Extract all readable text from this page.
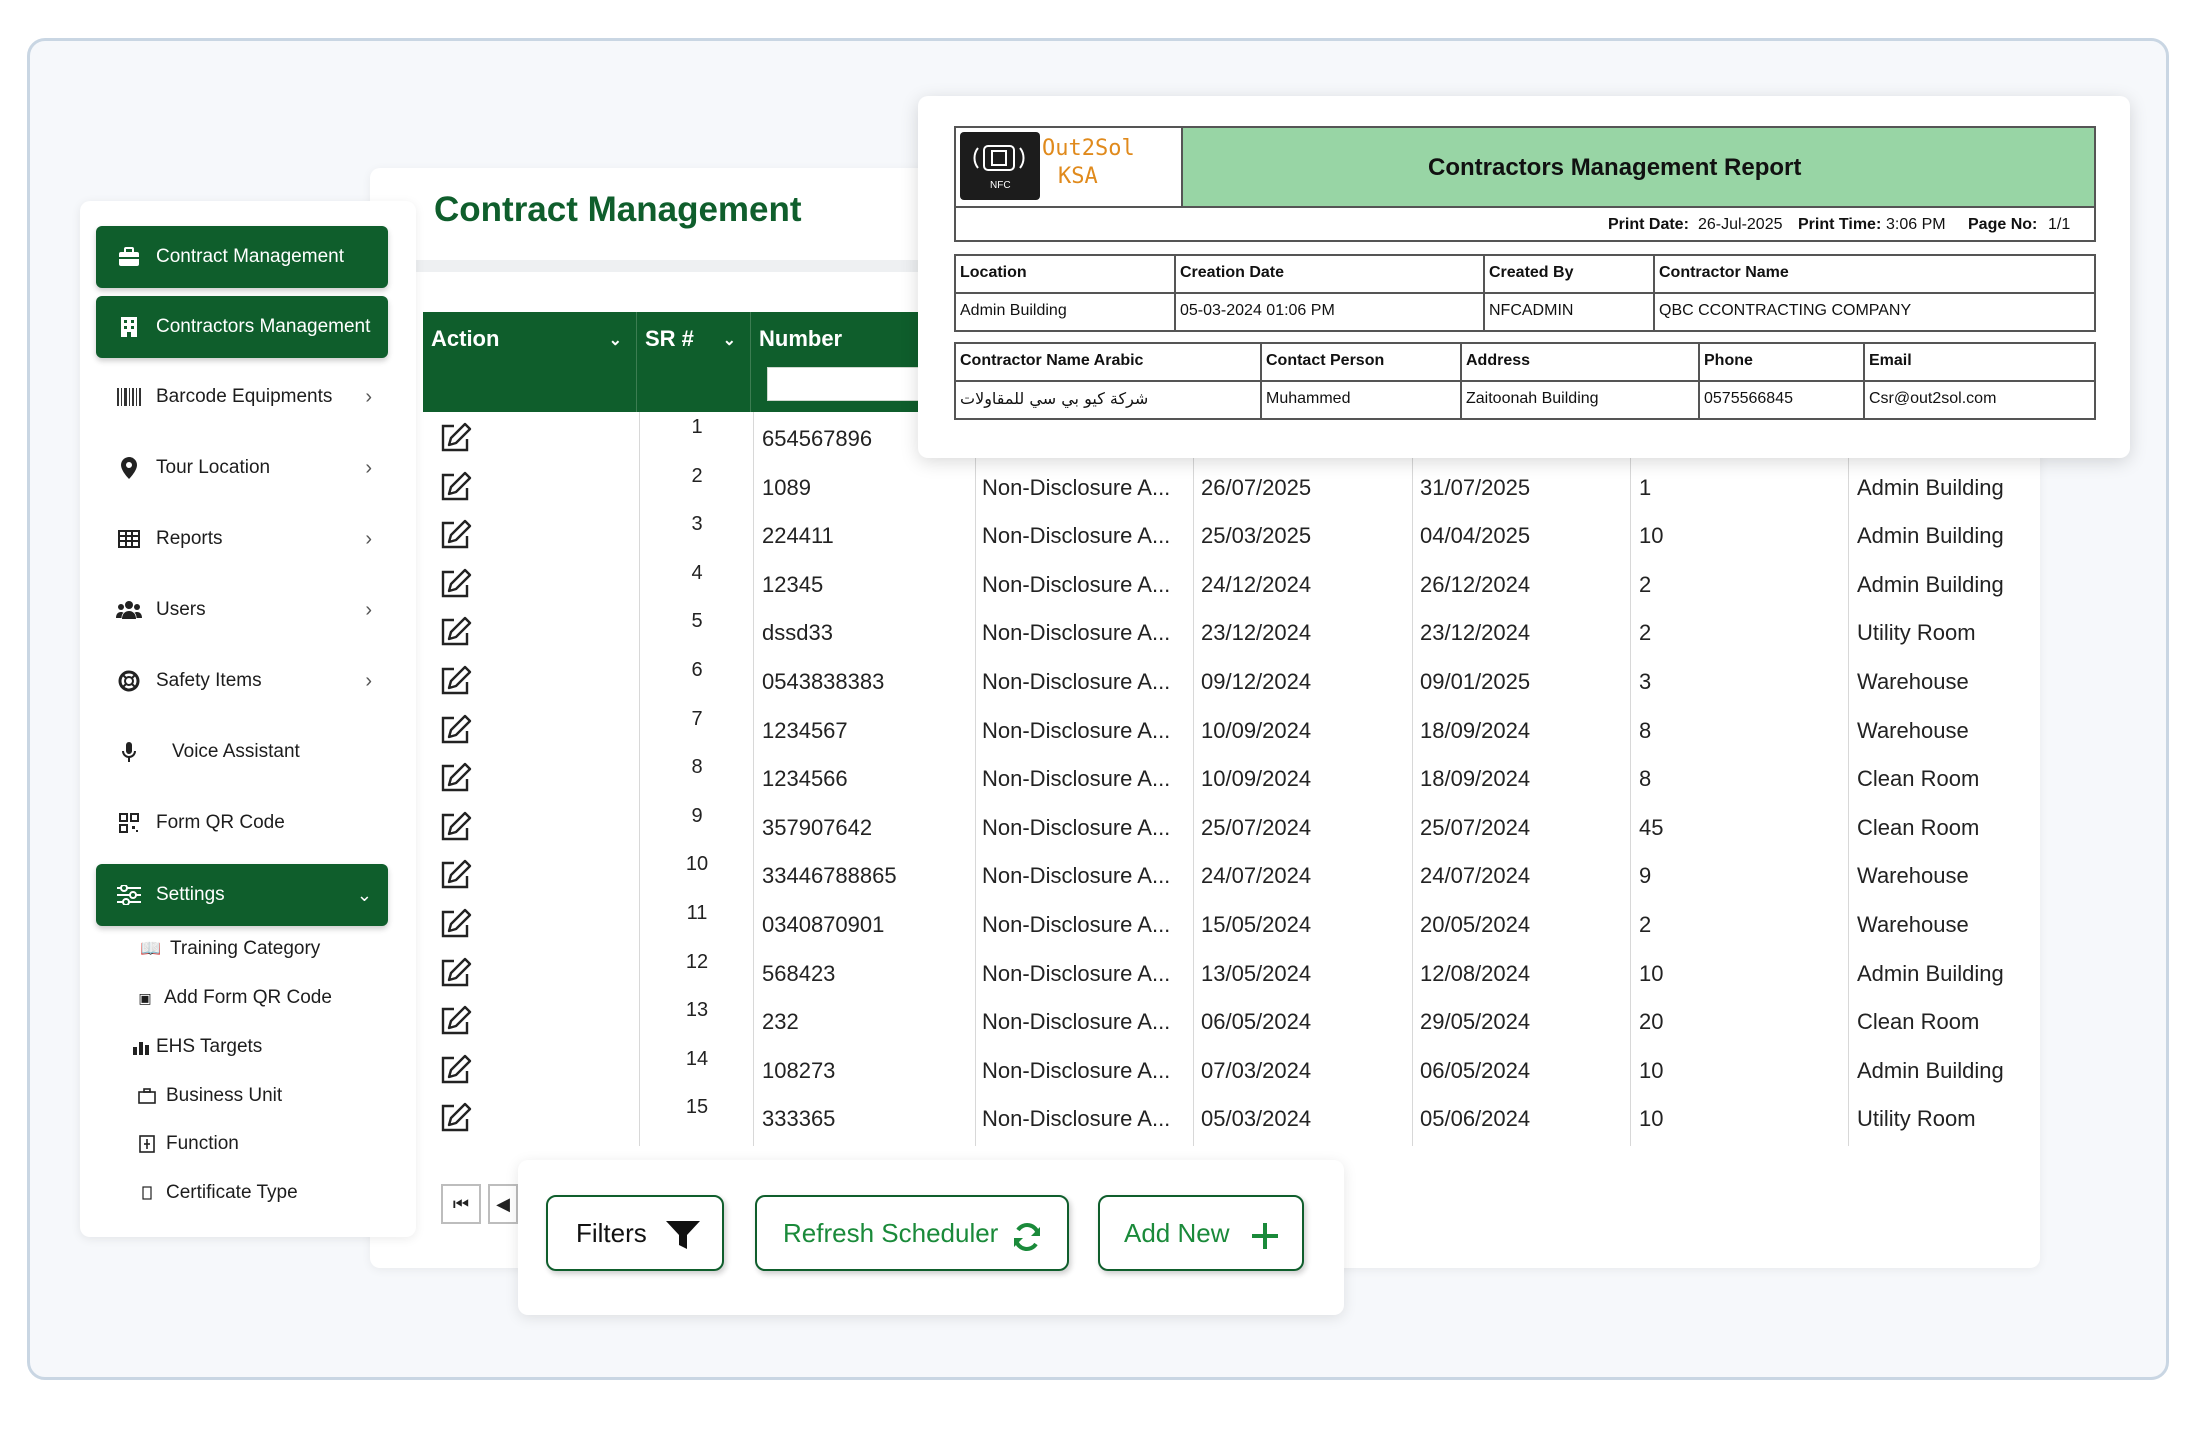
Contract Management
Action	⌄	SR # ⌄	Number
1	654567896
2	1089	Non-Disclosure A... 26/07/2025	31/07/2025	1	Admin Building
3	224411	Non-Disclosure A... 25/03/2025	04/04/2025	10	Admin Building
4	12345	Non-Disclosure A... 24/12/2024	26/12/2024	2	Admin Building
5	dssd33	Non-Disclosure A... 23/12/2024	23/12/2024	2	Utility Room
6	0543838383	Non-Disclosure A... 09/12/2024	09/01/2025	3	Warehouse
7	1234567	Non-Disclosure A... 10/09/2024	18/09/2024	8	Warehouse
8	1234566	Non-Disclosure A... 10/09/2024	18/09/2024	8	Clean Room
9	357907642	Non-Disclosure A... 25/07/2024	25/07/2024	45	Clean Room
10	33446788865	Non-Disclosure A... 24/07/2024	24/07/2024	9	Warehouse
11	0340870901	Non-Disclosure A... 15/05/2024	20/05/2024	2	Warehouse
12	568423	Non-Disclosure A... 13/05/2024	12/08/2024	10	Admin Building
13	232	Non-Disclosure A... 06/05/2024	29/05/2024	20	Clean Room
14	108273	Non-Disclosure A... 07/03/2024	06/05/2024	10	Admin Building
15	333365	Non-Disclosure A... 05/03/2024	05/06/2024	10	Utility Room
⏮	◀
Contract Management
Contractors Management
Barcode Equipments ›
Tour Location	›
Reports	›
Users	›
Safety Items	›
Voice Assistant
Form QR Code
Settings	⌄
📖 Training Category
▣ Add Form QR Code
EHS Targets
Business Unit
Function
Certificate Type
Filters	Refresh Scheduler	Add New
NFC
Out2Sol
KSA	Contractors Management Report
Print Date: 26-Jul-2025 Print Time: 3:06 PM Page No: 1/1
Location	Creation Date	Created By	Contractor Name
Admin Building	05-03-2024 01:06 PM	NFCADMIN	QBC CCONTRACTING COMPANY
Contractor Name Arabic	Contact Person	Address	Phone	Email
شركة كيو بي سي للمقاولات	Muhammed	Zaitoonah Building	0575566845	Csr@out2sol.com
